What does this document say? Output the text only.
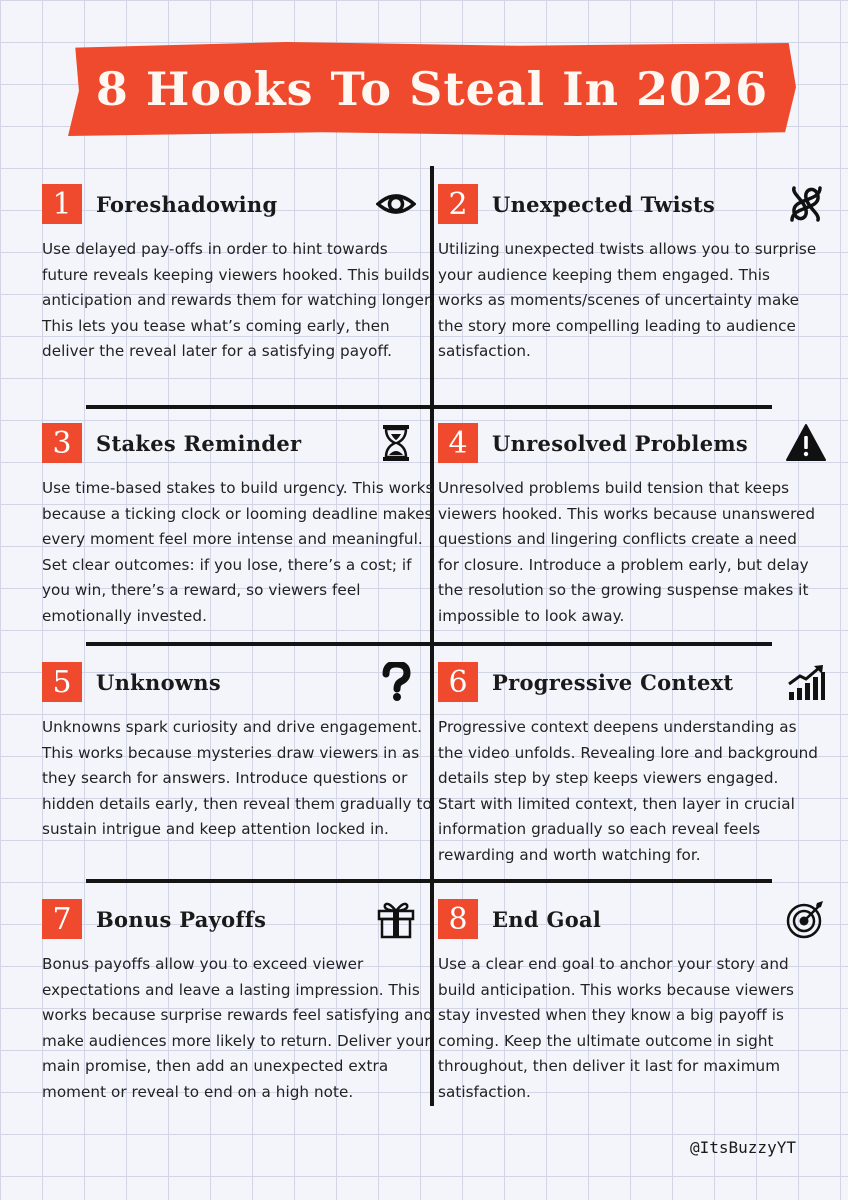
8 Hooks To Steal In 2026
1	Foreshadowing
Use delayed pay-offs in order to hint towards future reveals keeping viewers hooked. This builds anticipation and rewards them for watching longer. This lets you tease what’s coming early, then deliver the reveal later for a satisfying payoff.
2	Unexpected Twists
Utilizing unexpected twists allows you to surprise your audience keeping them engaged. This works as moments/scenes of uncertainty make the story more compelling leading to audience satisfaction.
3	Stakes Reminder
Use time-based stakes to build urgency. This works because a ticking clock or looming deadline makes every moment feel more intense and meaningful. Set clear outcomes: if you lose, there’s a cost; if you win, there’s a reward, so viewers feel emotionally invested.
4	Unresolved Problems
Unresolved problems build tension that keeps viewers hooked. This works because unanswered questions and lingering conflicts create a need for closure. Introduce a problem early, but delay the resolution so the growing suspense makes it impossible to look away.
5	Unknowns
Unknowns spark curiosity and drive engagement. This works because mysteries draw viewers in as they search for answers. Introduce questions or hidden details early, then reveal them gradually to sustain intrigue and keep attention locked in.
6	Progressive Context
Progressive context deepens understanding as the video unfolds. Revealing lore and background details step by step keeps viewers engaged. Start with limited context, then layer in crucial information gradually so each reveal feels rewarding and worth watching for.
7	Bonus Payoffs
Bonus payoffs allow you to exceed viewer expectations and leave a lasting impression. This works because surprise rewards feel satisfying and make audiences more likely to return. Deliver your main promise, then add an unexpected extra moment or reveal to end on a high note.
8	End Goal
Use a clear end goal to anchor your story and build anticipation. This works because viewers stay invested when they know a big payoff is coming. Keep the ultimate outcome in sight throughout, then deliver it last for maximum satisfaction.
@ItsBuzzyYT
